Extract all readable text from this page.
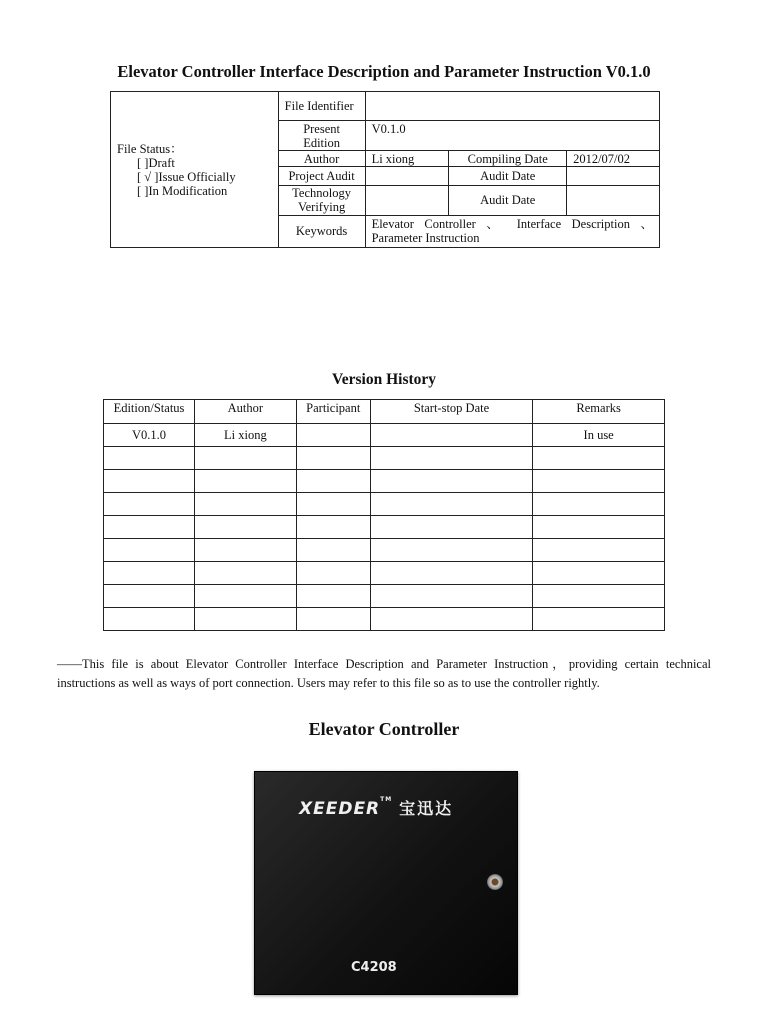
Elevator Controller Interface Description and Parameter Instruction V0.1.0
File Status：
[ ]Draft
[ √ ]Issue Officially
[ ]In Modification	File Identifier			
	Present Edition	V0.1.0		
	Author	Li xiong	Compiling Date	2012/07/02
	Project Audit		Audit Date	
	Technology Verifying		Audit Date	
	Keywords	Elevator Controller 、 Interface Description 、 Parameter Instruction		
Version History
Edition/Status	Author	Participant	Start-stop Date	Remarks
V0.1.0	Li xiong			In use

——This file is about Elevator Controller Interface Description and Parameter Instruction，providing certain technical instructions as well as ways of port connection. Users may refer to this file so as to use the controller rightly.
Elevator Controller
XEEDER™ 宝迅达
C4208
